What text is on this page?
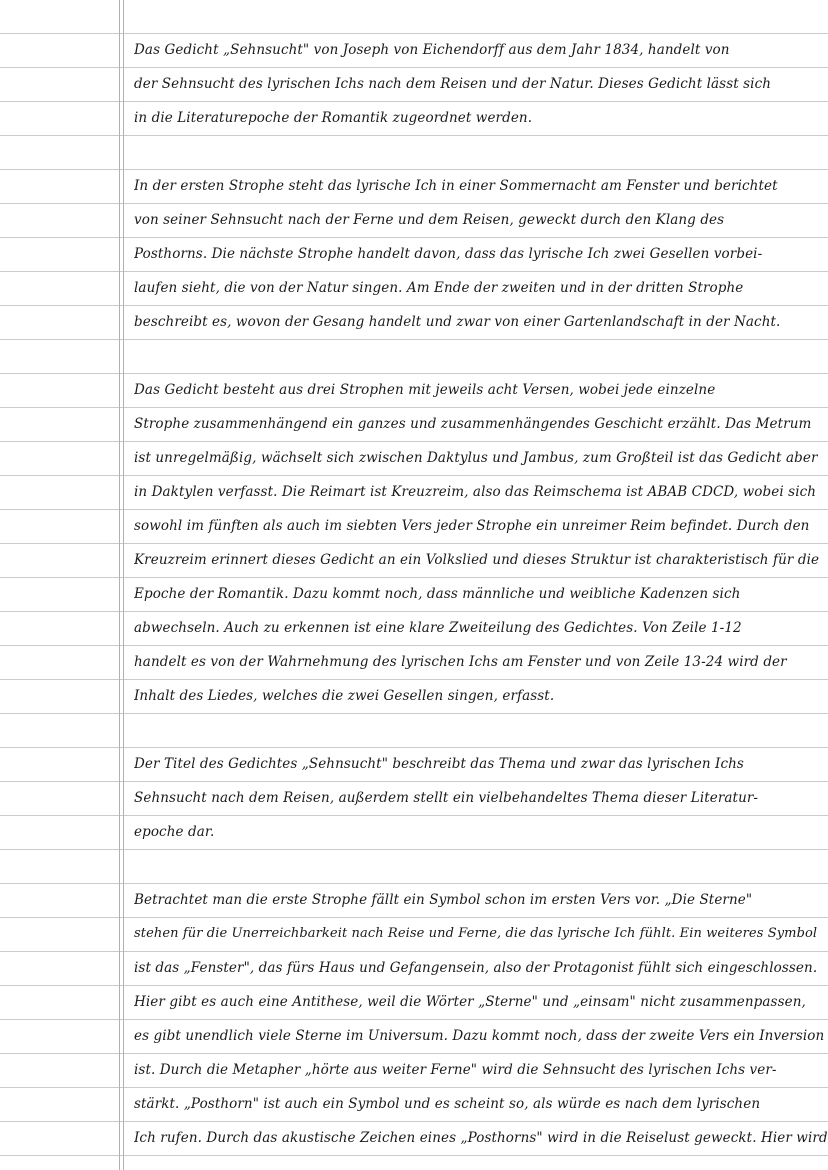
Das Gedicht „Sehnsucht" von Joseph von Eichendorff aus dem Jahr 1834, handelt von
der Sehnsucht des lyrischen Ichs nach dem Reisen und der Natur. Dieses Gedicht lässt sich
in die Literaturepoche der Romantik zugeordnet werden.
In der ersten Strophe steht das lyrische Ich in einer Sommernacht am Fenster und berichtet
von seiner Sehnsucht nach der Ferne und dem Reisen, geweckt durch den Klang des
Posthorns. Die nächste Strophe handelt davon, dass das lyrische Ich zwei Gesellen vorbei-
laufen sieht, die von der Natur singen. Am Ende der zweiten und in der dritten Strophe
beschreibt es, wovon der Gesang handelt und zwar von einer Gartenlandschaft in der Nacht.
Das Gedicht besteht aus drei Strophen mit jeweils acht Versen, wobei jede einzelne
Strophe zusammenhängend ein ganzes und zusammenhängendes Geschicht erzählt. Das Metrum
ist unregelmäßig, wächselt sich zwischen Daktylus und Jambus, zum Großteil ist das Gedicht aber
in Daktylen verfasst. Die Reimart ist Kreuzreim, also das Reimschema ist ABAB CDCD, wobei sich
sowohl im fünften als auch im siebten Vers jeder Strophe ein unreimer Reim befindet. Durch den
Kreuzreim erinnert dieses Gedicht an ein Volkslied und dieses Struktur ist charakteristisch für die
Epoche der Romantik. Dazu kommt noch, dass männliche und weibliche Kadenzen sich
abwechseln. Auch zu erkennen ist eine klare Zweiteilung des Gedichtes. Von Zeile 1-12
handelt es von der Wahrnehmung des lyrischen Ichs am Fenster und von Zeile 13-24 wird der
Inhalt des Liedes, welches die zwei Gesellen singen, erfasst.
Der Titel des Gedichtes „Sehnsucht" beschreibt das Thema und zwar das lyrischen Ichs
Sehnsucht nach dem Reisen, außerdem stellt ein vielbehandeltes Thema dieser Literatur-
epoche dar.
Betrachtet man die erste Strophe fällt ein Symbol schon im ersten Vers vor. „Die Sterne"
stehen für die Unerreichbarkeit nach Reise und Ferne, die das lyrische Ich fühlt. Ein weiteres Symbol
ist das „Fenster", das fürs Haus und Gefangensein, also der Protagonist fühlt sich eingeschlossen.
Hier gibt es auch eine Antithese, weil die Wörter „Sterne" und „einsam" nicht zusammenpassen,
es gibt unendlich viele Sterne im Universum. Dazu kommt noch, dass der zweite Vers ein Inversion
ist. Durch die Metapher „hörte aus weiter Ferne" wird die Sehnsucht des lyrischen Ichs ver-
stärkt. „Posthorn" ist auch ein Symbol und es scheint so, als würde es nach dem lyrischen
Ich rufen. Durch das akustische Zeichen eines „Posthorns" wird in die Reiselust geweckt. Hier wird
